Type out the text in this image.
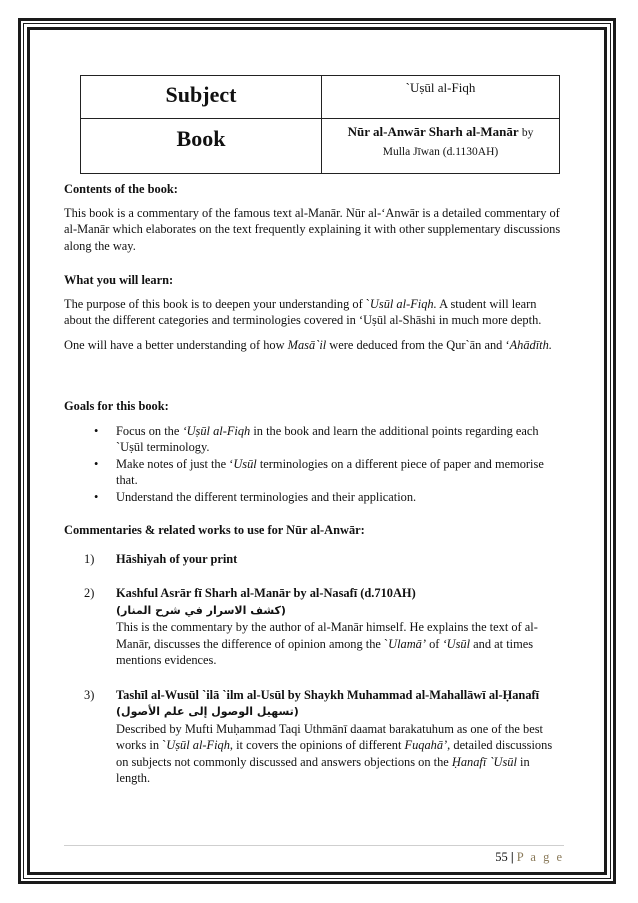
Subject	`Uṣūl al-Fiqh
Book	Nūr al-Anwār Sharh al-Manār by
Mulla Jīwan (d.1130AH)

Contents of the book:

This book is a commentary of the famous text al-Manār. Nūr al-‘Anwār is a detailed commentary of al-Manār which elaborates on the text frequently explaining it with other supplementary discussions along the way.

What you will learn:

The purpose of this book is to deepen your understanding of `Usūl al-Fiqh. A student will learn about the different categories and terminologies covered in ‘Uṣūl al-Shāshi in much more depth.

One will have a better understanding of how Masā`il were deduced from the Qur`ān and ‘Ahādīth.

Goals for this book:

• Focus on the ‘Uṣūl al-Fiqh in the book and learn the additional points regarding each `Uṣūl terminology.
• Make notes of just the ‘Usūl terminologies on a different piece of paper and memorise that.
• Understand the different terminologies and their application.

Commentaries & related works to use for Nūr al-Anwār:

1) Hāshiyah of your print
2) Kashful Asrār fī Sharh al-Manār by al-Nasafī (d.710AH)
(كشف الاسرار في شرح المنار)
This is the commentary by the author of al-Manār himself. He explains the text of al-Manār, discusses the difference of opinion among the `Ulamā’ of ‘Usūl and at times mentions evidences.
3) Tashīl al-Wusūl `ilā `ilm al-Usūl by Shaykh Muhammad al-Mahallāwī al-Ḥanafī
(تسهيل الوصول إلى علم الأصول)
Described by Mufti Muḥammad Taqi Uthmānī daamat barakatuhum as one of the best works in `Uṣūl al-Fiqh, it covers the opinions of different Fuqahā’, detailed discussions on subjects not commonly discussed and answers objections on the Ḥanafī `Usūl in length.
55 | P a g e
